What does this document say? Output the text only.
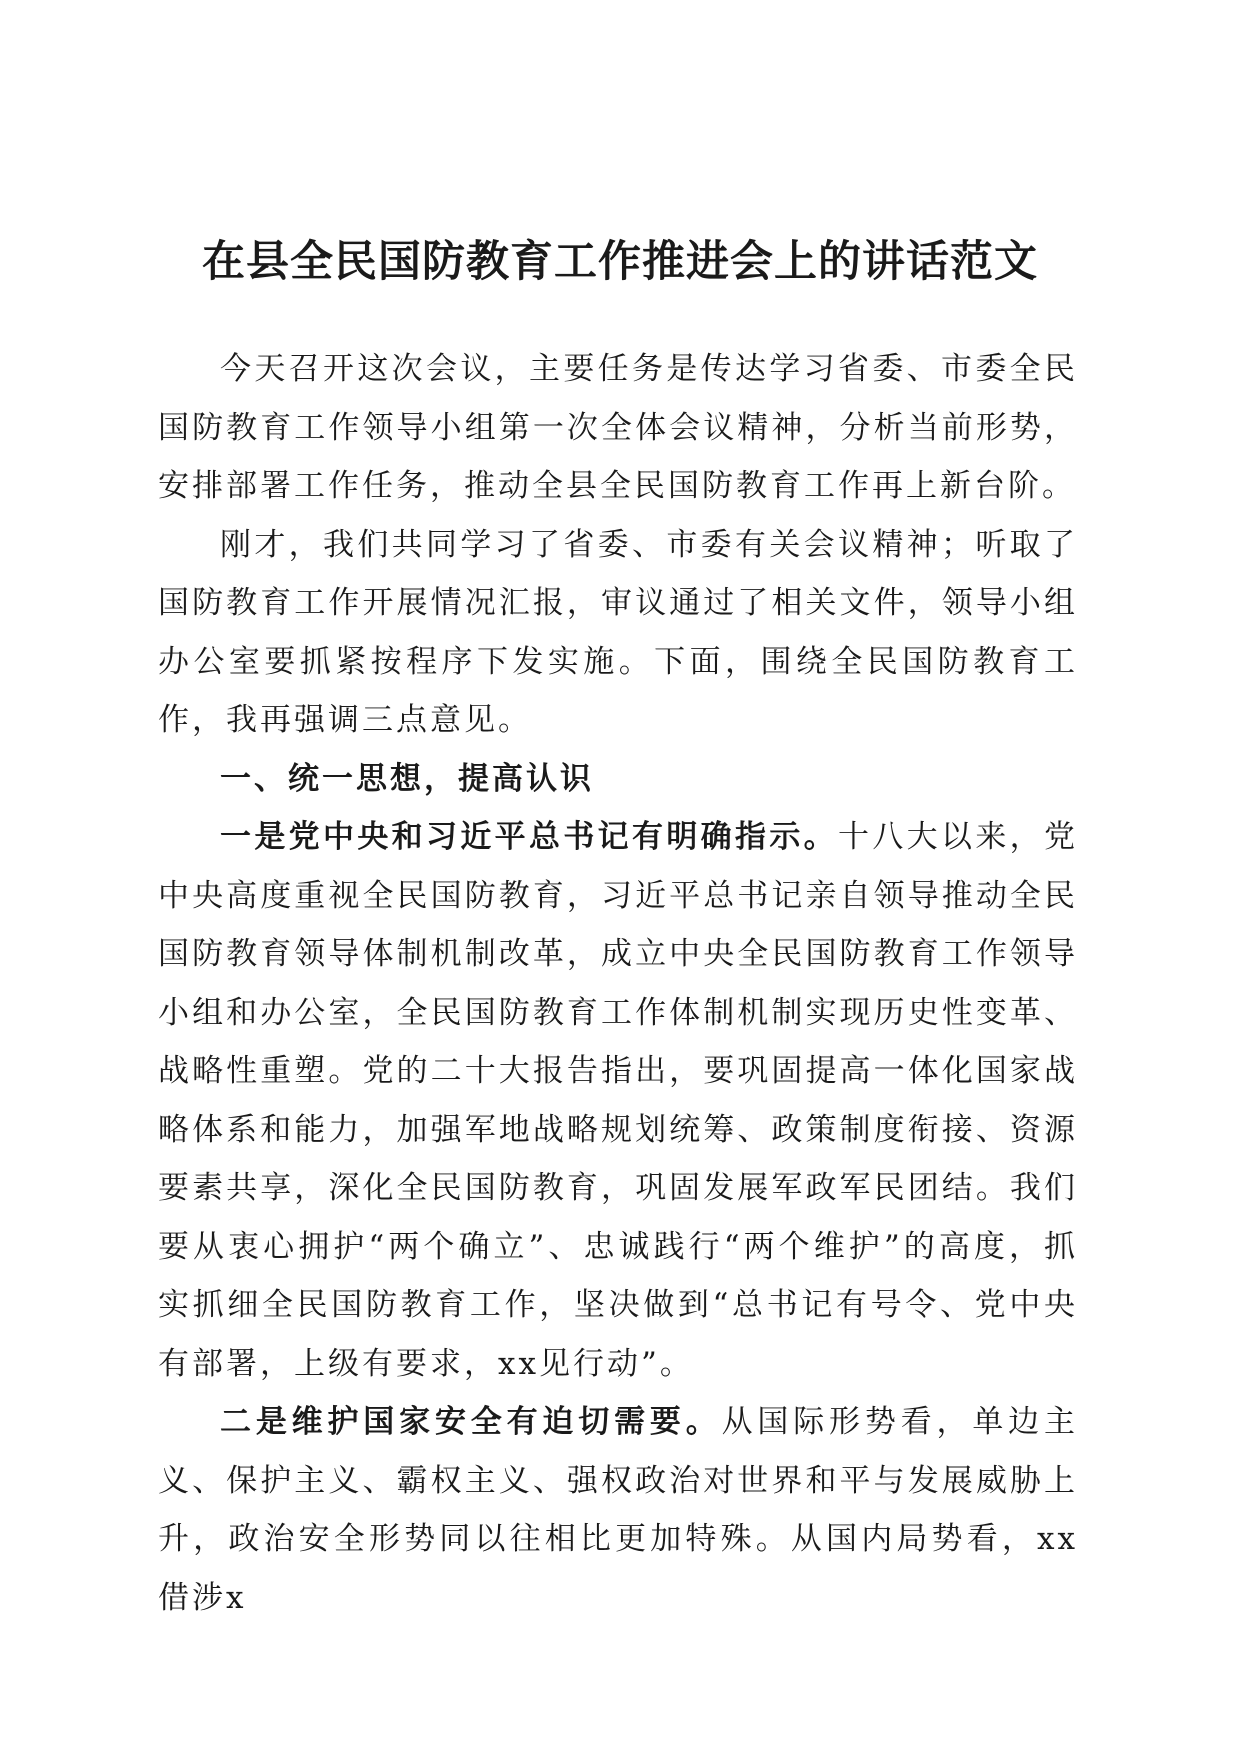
在县全民国防教育工作推进会上的讲话范文

今天召开这次会议，主要任务是传达学习省委、市委全民国防教育工作领导小组第一次全体会议精神，分析当前形势，安排部署工作任务，推动全县全民国防教育工作再上新台阶。

刚才，我们共同学习了省委、市委有关会议精神；听取了国防教育工作开展情况汇报，审议通过了相关文件，领导小组办公室要抓紧按程序下发实施。下面，围绕全民国防教育工作，我再强调三点意见。

一、统一思想，提高认识

一是党中央和习近平总书记有明确指示。十八大以来，党中央高度重视全民国防教育，习近平总书记亲自领导推动全民国防教育领导体制机制改革，成立中央全民国防教育工作领导小组和办公室，全民国防教育工作体制机制实现历史性变革、战略性重塑。党的二十大报告指出，要巩固提高一体化国家战略体系和能力，加强军地战略规划统筹、政策制度衔接、资源要素共享，深化全民国防教育，巩固发展军政军民团结。我们要从衷心拥护“两个确立”、忠诚践行“两个维护”的高度，抓实抓细全民国防教育工作，坚决做到“总书记有号令、党中央有部署，上级有要求，xx见行动”。

二是维护国家安全有迫切需要。从国际形势看，单边主义、保护主义、霸权主义、强权政治对世界和平与发展威胁上升，政治安全形势同以往相比更加特殊。从国内局势看，xx借涉x
